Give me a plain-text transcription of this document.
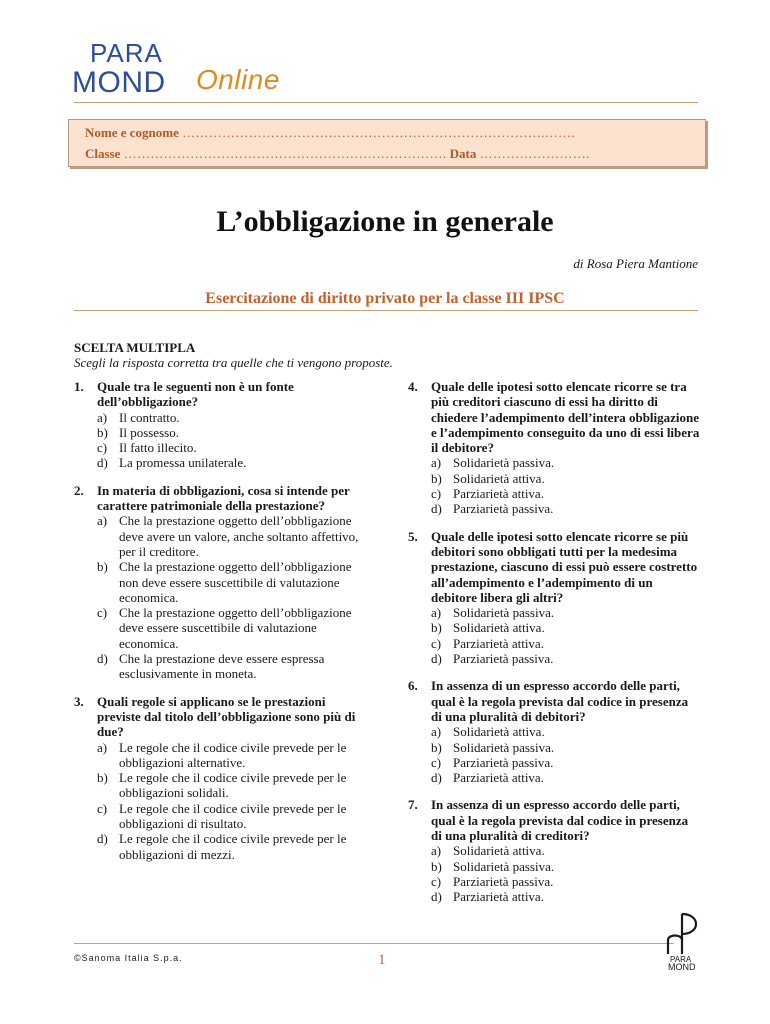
PARA
MOND Online
Nome e cognome ……………………………………………………………………….…….
Classe ………………………………………………………………. Data …………………….
L’obbligazione in generale
di Rosa Piera Mantione
Esercitazione di diritto privato per la classe III IPSC
SCELTA MULTIPLA
Scegli la risposta corretta tra quelle che ti vengono proposte.
1. Quale tra le seguenti non è un fonte dell’obbligazione?
a) Il contratto.
b) Il possesso.
c) Il fatto illecito.
d) La promessa unilaterale.
2. In materia di obbligazioni, cosa si intende per carattere patrimoniale della prestazione?
a) Che la prestazione oggetto dell’obbligazione deve avere un valore, anche soltanto affettivo, per il creditore.
b) Che la prestazione oggetto dell’obbligazione non deve essere suscettibile di valutazione economica.
c) Che la prestazione oggetto dell’obbligazione deve essere suscettibile di valutazione economica.
d) Che la prestazione deve essere espressa esclusivamente in moneta.
3. Quali regole si applicano se le prestazioni previste dal titolo dell’obbligazione sono più di due?
a) Le regole che il codice civile prevede per le obbligazioni alternative.
b) Le regole che il codice civile prevede per le obbligazioni solidali.
c) Le regole che il codice civile prevede per le obbligazioni di risultato.
d) Le regole che il codice civile prevede per le obbligazioni di mezzi.
4. Quale delle ipotesi sotto elencate ricorre se tra più creditori ciascuno di essi ha diritto di chiedere l’adempimento dell’intera obbligazione e l’adempimento conseguito da uno di essi libera il debitore?
a) Solidarietà passiva.
b) Solidarietà attiva.
c) Parziarietà attiva.
d) Parziarietà passiva.
5. Quale delle ipotesi sotto elencate ricorre se più debitori sono obbligati tutti per la medesima prestazione, ciascuno di essi può essere costretto all’adempimento e l’adempimento di un debitore libera gli altri?
a) Solidarietà passiva.
b) Solidarietà attiva.
c) Parziarietà attiva.
d) Parziarietà passiva.
6. In assenza di un espresso accordo delle parti, qual è la regola prevista dal codice in presenza di una pluralità di debitori?
a) Solidarietà attiva.
b) Solidarietà passiva.
c) Parziarietà passiva.
d) Parziarietà attiva.
7. In assenza di un espresso accordo delle parti, qual è la regola prevista dal codice in presenza di una pluralità di creditori?
a) Solidarietà attiva.
b) Solidarietà passiva.
c) Parziarietà passiva.
d) Parziarietà attiva.
©Sanoma Italia S.p.a.	1	PARA
MOND
